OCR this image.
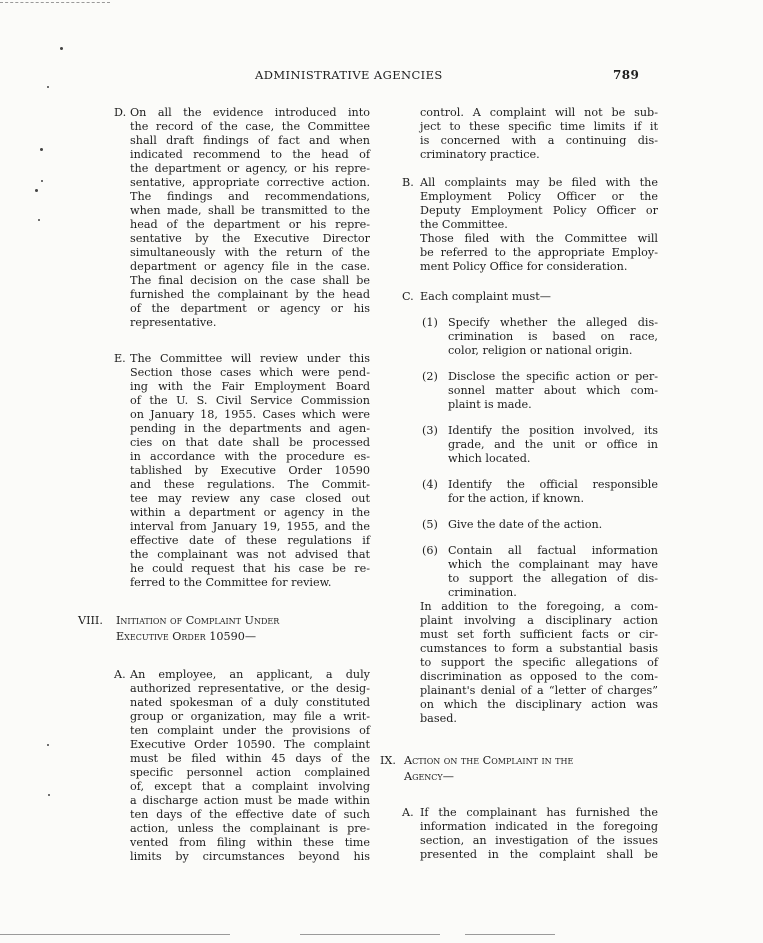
ADMINISTRATIVE AGENCIES	789
D. On all the evidence introduced into
the record of the case, the Committee
shall draft findings of fact and when
indicated recommend to the head of
the department or agency, or his repre-
sentative, appropriate corrective action.
The findings and recommendations,
when made, shall be transmitted to the
head of the department or his repre-
sentative by the Executive Director
simultaneously with the return of the
department or agency file in the case.
The final decision on the case shall be
furnished the complainant by the head
of the department or agency or his
representative.
E. The Committee will review under this
Section those cases which were pend-
ing with the Fair Employment Board
of the U. S. Civil Service Commission
on January 18, 1955. Cases which were
pending in the departments and agen-
cies on that date shall be processed
in accordance with the procedure es-
tablished by Executive Order 10590
and these regulations. The Commit-
tee may review any case closed out
within a department or agency in the
interval from January 19, 1955, and the
effective date of these regulations if
the complainant was not advised that
he could request that his case be re-
ferred to the Committee for review.
VIII. Initiation of Complaint Under
Executive Order 10590—
A. An employee, an applicant, a duly
authorized representative, or the desig-
nated spokesman of a duly constituted
group or organization, may file a writ-
ten complaint under the provisions of
Executive Order 10590. The complaint
must be filed within 45 days of the
specific personnel action complained
of, except that a complaint involving
a discharge action must be made within
ten days of the effective date of such
action, unless the complainant is pre-
vented from filing within these time
limits by circumstances beyond his
control. A complaint will not be sub-
ject to these specific time limits if it
is concerned with a continuing dis-
criminatory practice.
B. All complaints may be filed with the
Employment Policy Officer or the
Deputy Employment Policy Officer or
the Committee.
Those filed with the Committee will
be referred to the appropriate Employ-
ment Policy Office for consideration.
C. Each complaint must—
(1) Specify whether the alleged dis-
crimination is based on race,
color, religion or national origin.
(2) Disclose the specific action or per-
sonnel matter about which com-
plaint is made.
(3) Identify the position involved, its
grade, and the unit or office in
which located.
(4) Identify the official responsible
for the action, if known.
(5) Give the date of the action.
(6) Contain all factual information
which the complainant may have
to support the allegation of dis-
crimination.
In addition to the foregoing, a com-
plaint involving a disciplinary action
must set forth sufficient facts or cir-
cumstances to form a substantial basis
to support the specific allegations of
discrimination as opposed to the com-
plainant's denial of a “letter of charges”
on which the disciplinary action was
based.
IX. Action on the Complaint in the
Agency—
A. If the complainant has furnished the
information indicated in the foregoing
section, an investigation of the issues
presented in the complaint shall be
